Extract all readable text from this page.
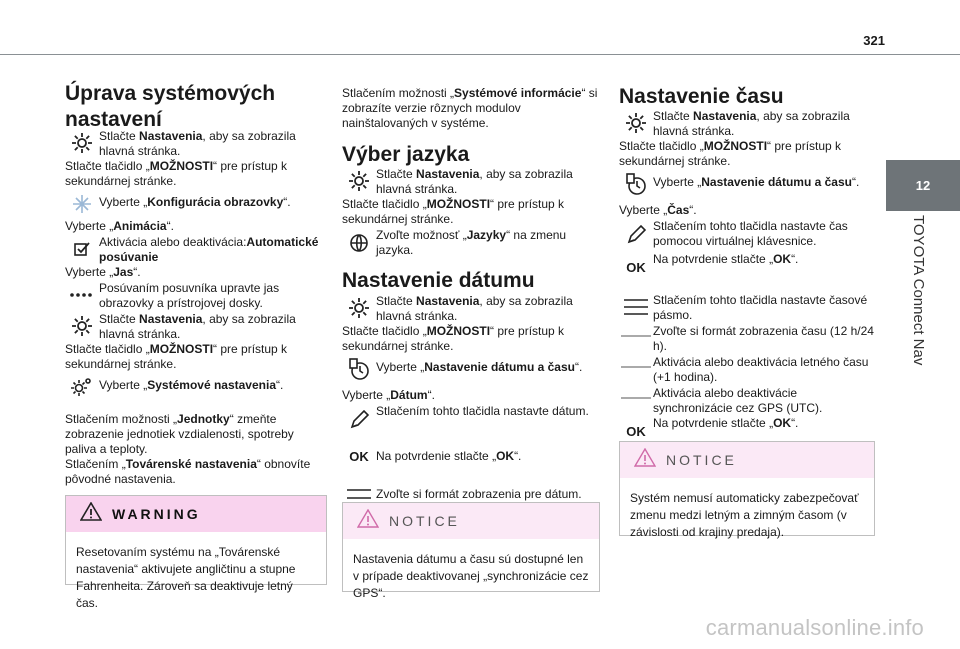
321
12
TOYOTA Connect Nav
Úprava systémových nastavení
Stlačte Nastavenia, aby sa zobrazila hlavná stránka.

Stlačte tlačidlo „MOŽNOSTI“ pre prístup k sekundárnej stránke.

Vyberte „Konfigurácia obrazovky“.

Vyberte „Animácia“.

Aktivácia alebo deaktivácia:Automatické posúvanie

Vyberte „Jas“.

Posúvaním posuvníka upravte jas obrazovky a prístrojovej dosky.
Stlačte Nastavenia, aby sa zobrazila hlavná stránka.

Stlačte tlačidlo „MOŽNOSTI“ pre prístup k sekundárnej stránke.

Vyberte „Systémové nastavenia“.

Stlačením možnosti „Jednotky“ zmeňte zobrazenie jednotiek vzdialenosti, spotreby paliva a teploty.

Stlačením „Továrenské nastavenia“ obnovíte pôvodné nastavenia.

WARNING
Resetovaním systému na „Továrenské nastavenia“ aktivujete angličtinu a stupne Fahrenheita. Zároveň sa deaktivuje letný čas.

Stlačením možnosti „Systémové informácie“ si zobrazíte verzie rôznych modulov nainštalovaných v systéme.

Výber jazyka
Stlačte Nastavenia, aby sa zobrazila hlavná stránka.

Stlačte tlačidlo „MOŽNOSTI“ pre prístup k sekundárnej stránke.

Zvoľte možnosť „Jazyky“ na zmenu jazyka.
Nastavenie dátumu
Stlačte Nastavenia, aby sa zobrazila hlavná stránka.

Stlačte tlačidlo „MOŽNOSTI“ pre prístup k sekundárnej stránke.

Vyberte „Nastavenie dátumu a času“.

Vyberte „Dátum“.

Stlačením tohto tlačidla nastavte dátum.
OK Na potvrdenie stlačte „OK“.
Zvoľte si formát zobrazenia pre dátum.
NOTICE
Nastavenia dátumu a času sú dostupné len v prípade deaktivovanej „synchronizácie cez GPS“.
Nastavenie času
Stlačte Nastavenia, aby sa zobrazila hlavná stránka.

Stlačte tlačidlo „MOŽNOSTI“ pre prístup k sekundárnej stránke.

Vyberte „Nastavenie dátumu a času“.

Vyberte „Čas“.

Stlačením tohto tlačidla nastavte čas pomocou virtuálnej klávesnice.
OK
Na potvrdenie stlačte „OK“.
Stlačením tohto tlačidla nastavte časové pásmo.
Zvoľte si formát zobrazenia času (12 h/24 h).
Aktivácia alebo deaktivácia letného času (+1 hodina).
Aktivácia alebo deaktivácie synchronizácie cez GPS (UTC).
OK
Na potvrdenie stlačte „OK“.
NOTICE
Systém nemusí automaticky zabezpečovať zmenu medzi letným a zimným časom (v závislosti od krajiny predaja).
carmanualsonline.info
